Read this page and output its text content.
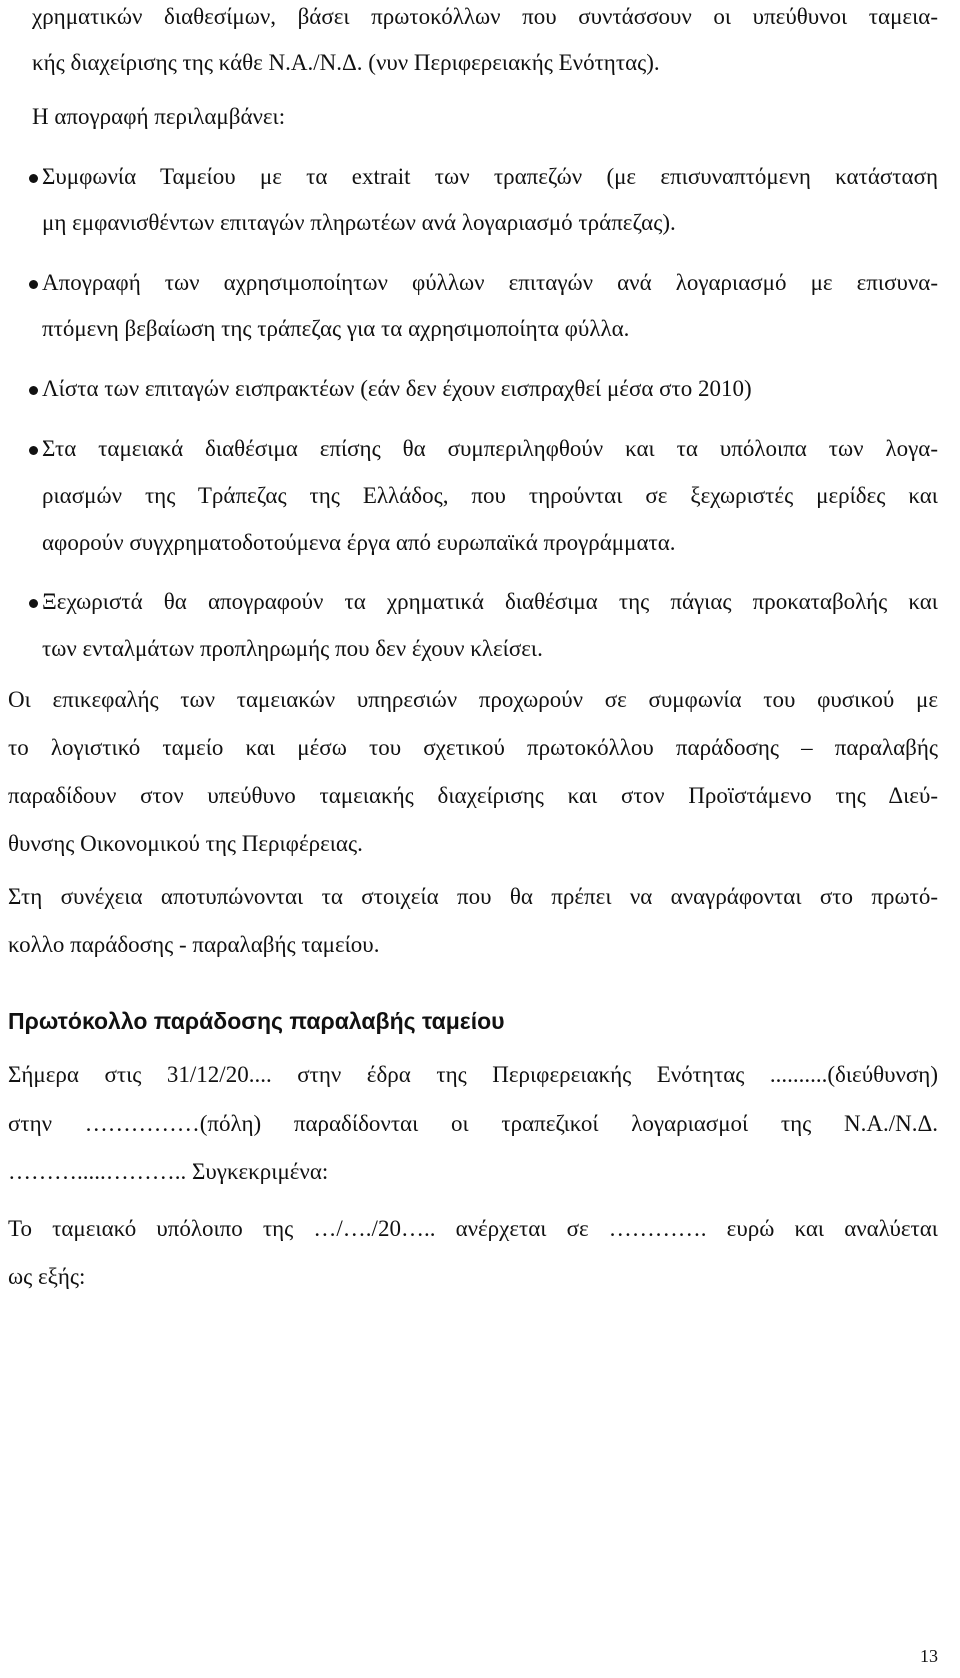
χρηματικών διαθεσίμων, βάσει πρωτοκόλλων που συντάσσουν οι υπεύθυνοι ταμεια-

κής διαχείρισης της κάθε Ν.Α./Ν.Δ. (νυν Περιφερειακής Ενότητας).

Η απογραφή περιλαμβάνει:

Συμφωνία Ταμείου με τα extrait των τραπεζών (με επισυναπτόμενη κατάσταση

μη εμφανισθέντων επιταγών πληρωτέων ανά λογαριασμό τράπεζας).

Απογραφή των αχρησιμοποίητων φύλλων επιταγών ανά λογαριασμό με επισυνα-

πτόμενη βεβαίωση της τράπεζας για τα αχρησιμοποίητα φύλλα.

Λίστα των επιταγών εισπρακτέων (εάν δεν έχουν εισπραχθεί μέσα στο 2010)

Στα ταμειακά διαθέσιμα επίσης θα συμπεριληφθούν και τα υπόλοιπα των λογα-

ριασμών της Τράπεζας της Ελλάδος, που τηρούνται σε ξεχωριστές μερίδες και

αφορούν συγχρηματοδοτούμενα έργα από ευρωπαϊκά προγράμματα.

Ξεχωριστά θα απογραφούν τα χρηματικά διαθέσιμα της πάγιας προκαταβολής και

των ενταλμάτων προπληρωμής που δεν έχουν κλείσει.

Οι επικεφαλής των ταμειακών υπηρεσιών προχωρούν σε συμφωνία του φυσικού με

το λογιστικό ταμείο και μέσω του σχετικού πρωτοκόλλου παράδοσης – παραλαβής

παραδίδουν στον υπεύθυνο ταμειακής διαχείρισης και στον Προϊστάμενο της Διεύ-

θυνσης Οικονομικού της Περιφέρειας.

Στη συνέχεια αποτυπώνονται τα στοιχεία που θα πρέπει να αναγράφονται στο πρωτό-

κολλο παράδοσης - παραλαβής ταμείου.

Πρωτόκολλο παράδοσης παραλαβής ταμείου

Σήμερα στις 31/12/20.... στην έδρα της Περιφερειακής Ενότητας ..........(διεύθυνση)

στην ……………(πόλη) παραδίδονται οι τραπεζικοί λογαριασμοί της Ν.Α./Ν.Δ.

……….....……….. Συγκεκριμένα:

Το ταμειακό υπόλοιπο της …/…./20….. ανέρχεται σε …………. ευρώ και αναλύεται

ως εξής:

13
